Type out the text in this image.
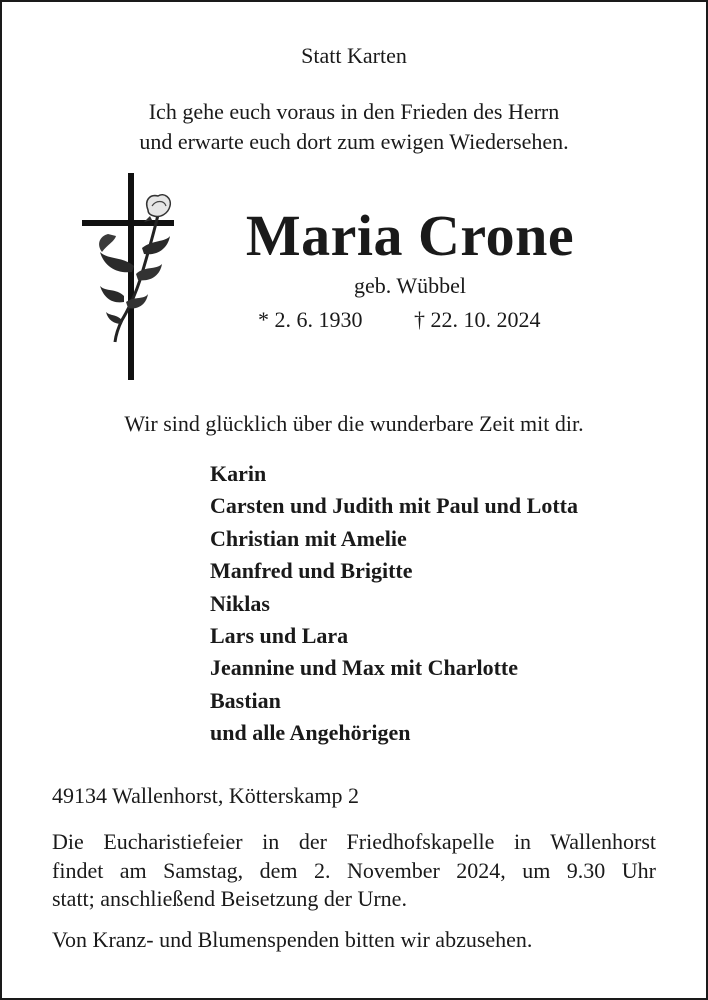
Statt Karten
Ich gehe euch voraus in den Frieden des Herrn
und erwarte euch dort zum ewigen Wiedersehen.
Maria Crone
geb. Wübbel
* 2. 6. 1930 † 22. 10. 2024
Wir sind glücklich über die wunderbare Zeit mit dir.
Karin
Carsten und Judith mit Paul und Lotta
Christian mit Amelie
Manfred und Brigitte
Niklas
Lars und Lara
Jeannine und Max mit Charlotte
Bastian
und alle Angehörigen
49134 Wallenhorst, Kötterskamp 2

Die Eucharistiefeier in der Friedhofskapelle in Wallenhorst
findet am Samstag, dem 2. November 2024, um 9.30 Uhr
statt; anschließend Beisetzung der Urne.

Von Kranz- und Blumenspenden bitten wir abzusehen.
